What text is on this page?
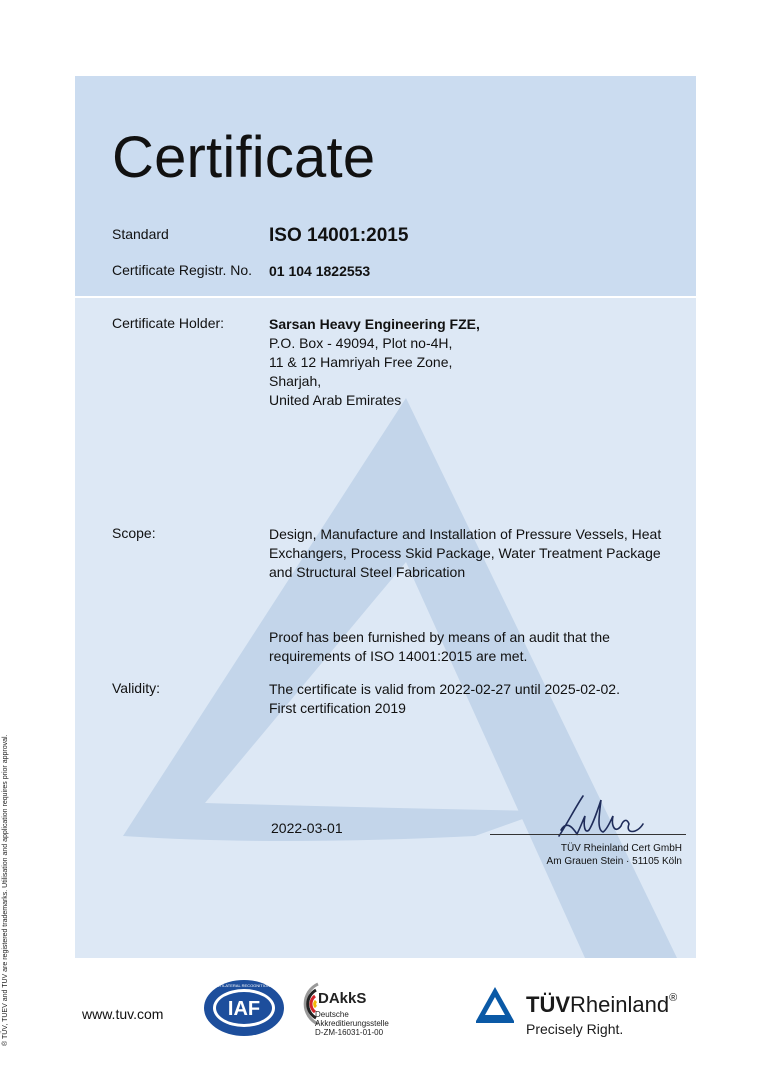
Certificate
Standard	ISO 14001:2015
Certificate Registr. No. 01 104 1822553
Certificate Holder:	Sarsan Heavy Engineering FZE,
P.O. Box - 49094, Plot no-4H,
11 & 12 Hamriyah Free Zone,
Sharjah,
United Arab Emirates
Scope:	Design, Manufacture and Installation of Pressure Vessels, Heat
Exchangers, Process Skid Package, Water Treatment Package
and Structural Steel Fabrication
Proof has been furnished by means of an audit that the
requirements of ISO 14001:2015 are met.
Validity:	The certificate is valid from 2022-02-27 until 2025-02-02.
First certification 2019
2022-03-01
TÜV Rheinland Cert GmbH
Am Grauen Stein · 51105 Köln
® TÜV, TUEV and TUV are registered trademarks. Utilisation and application requires prior approval.	www.tuv.com	IAF
MEMBER OF MULTILATERAL RECOGNITION ARRANGEMENT
DAkkS
Deutsche
Akkreditierungsstelle
D-ZM-16031-01-00
TÜVRheinland®
Precisely Right.
